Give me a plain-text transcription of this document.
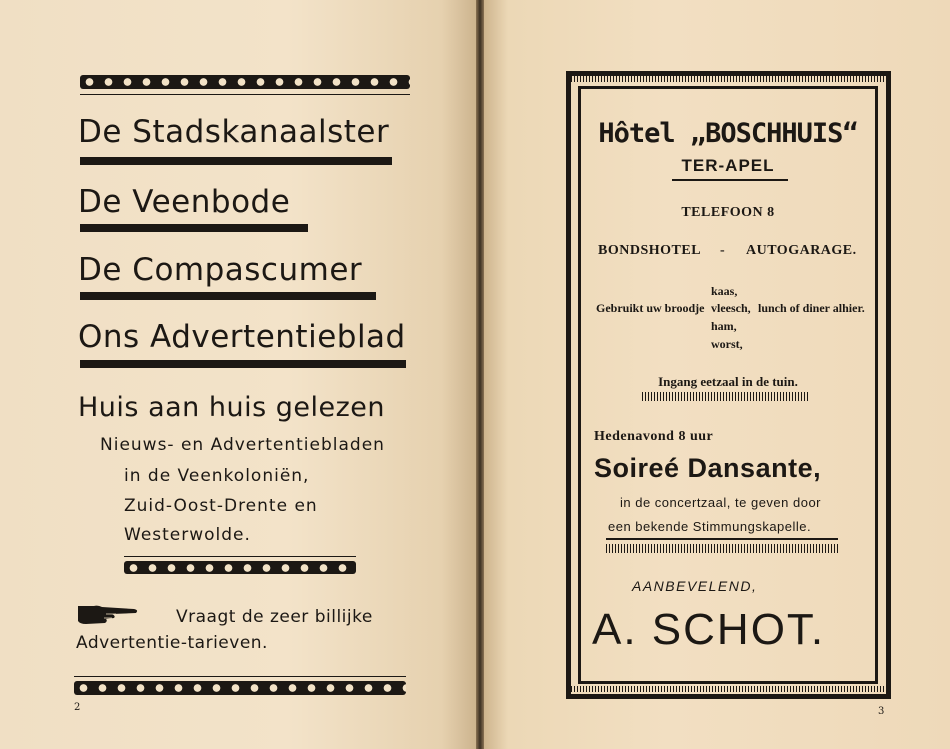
De Stadskanaalster
De Veenbode
De Compascumer
Ons Advertentieblad
Huis aan huis gelezen
Nieuws- en Advertentiebladen
in de Veenkoloniën,
Zuid-Oost-Drente en
Westerwolde.
Vraagt de zeer billijke
Advertentie-tarieven.
2
Hôtel „BOSCHHUIS“
TER-APEL
TELEFOON 8
BONDSHOTEL - AUTOGARAGE.
kaas,
Gebruikt uw broodje vleesch, lunch of diner alhier.
ham,
worst,
Ingang eetzaal in de tuin.
Hedenavond 8 uur
Soireé Dansante,
in de concertzaal, te geven door
een bekende Stimmungskapelle.
AANBEVELEND,
A. SCHOT.
3
